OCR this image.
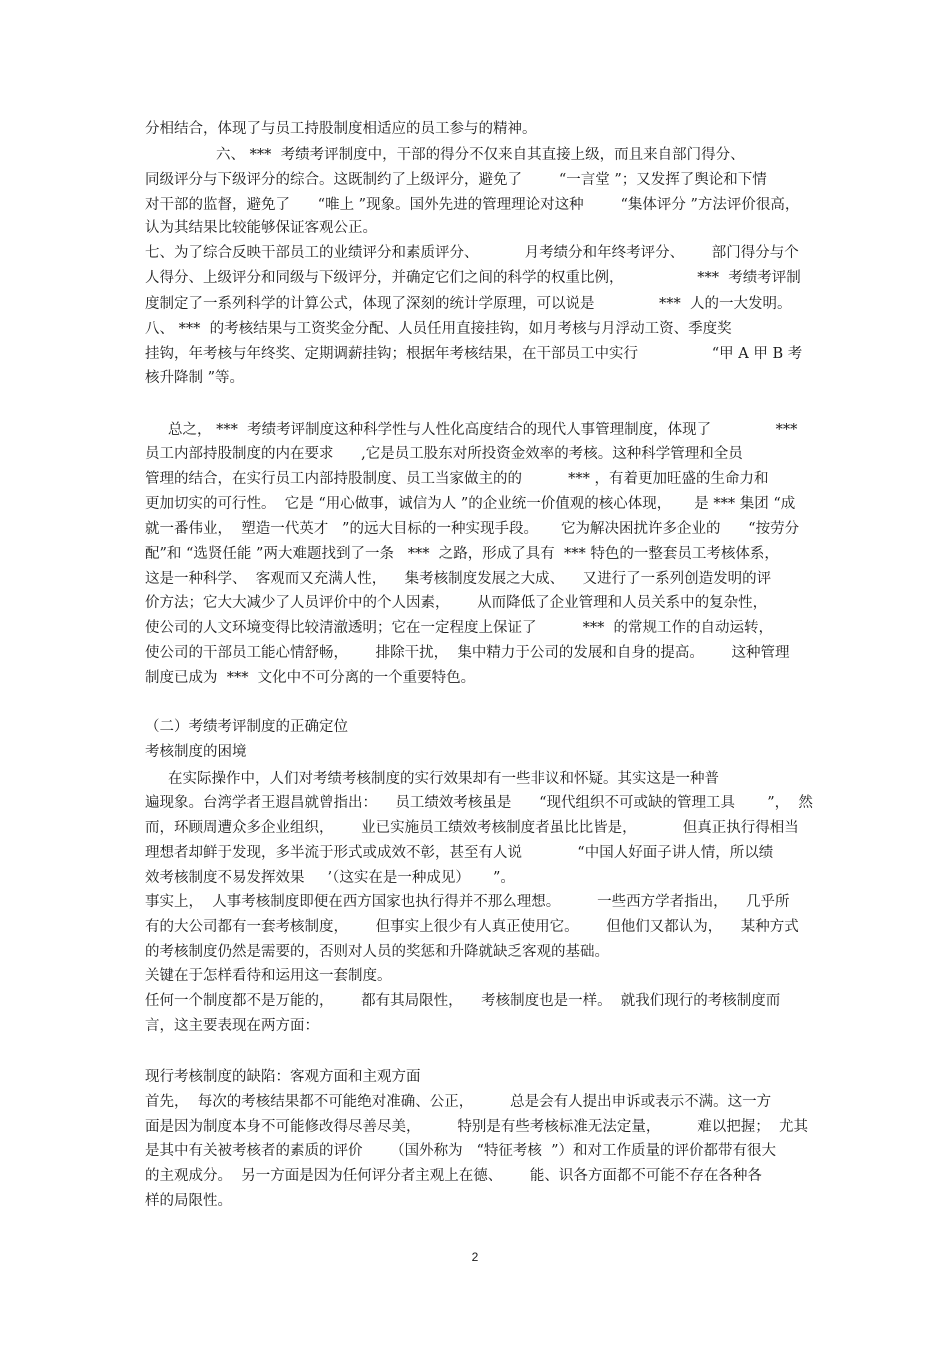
分相结合，体现了与员工持股制度相适应的员工参与的精神。
六、 ***  考绩考评制度中，干部的得分不仅来自其直接上级，而且来自部门得分、
同级评分与下级评分的综合。这既制约了上级评分，避免了        “一言堂 ”；又发挥了舆论和下情
对干部的监督，避免了      “唯上 ”现象。国外先进的管理理论对这种        “集体评分 ”方法评价很高，
认为其结果比较能够保证客观公正。
七、为了综合反映干部员工的业绩评分和素质评分、          月考绩分和年终考评分、      部门得分与个
人得分、上级评分和同级与下级评分，并确定它们之间的科学的权重比例，                ***  考绩考评制
度制定了一系列科学的计算公式，体现了深刻的统计学原理，可以说是              ***  人的一大发明。
八、 ***  的考核结果与工资奖金分配、人员任用直接挂钩，如月考核与月浮动工资、季度奖
挂钩，年考核与年终奖、定期调薪挂钩；根据年考核结果，在干部员工中实行                “甲 A 甲 B 考
核升降制 ”等。
总之， ***  考绩考评制度这种科学性与人性化高度结合的现代人事管理制度，体现了              ***
员工内部持股制度的内在要求      ,它是员工股东对所投资金效率的考核。这种科学管理和全员
管理的结合，在实行员工内部持股制度、员工当家做主的的          *** ，有着更加旺盛的生命力和
更加切实的可行性。  它是 “用心做事，诚信为人 ”的企业统一价值观的核心体现，     是 *** 集团 “成
就一番伟业，  塑造一代英才   ”的远大目标的一种实现手段。     它为解决困扰许多企业的      “按劳分
配”和 “选贤任能 ”两大难题找到了一条   ***  之路，形成了具有  *** 特色的一整套员工考核体系，
这是一种科学、  客观而又充满人性，    集考核制度发展之大成、    又进行了一系列创造发明的评
价方法；它大大减少了人员评价中的个人因素，      从而降低了企业管理和人员关系中的复杂性，
使公司的人文环境变得比较清澈透明；它在一定程度上保证了          ***  的常规工作的自动运转，
使公司的干部员工能心情舒畅，      排除干扰，  集中精力于公司的发展和自身的提高。      这种管理
制度已成为  ***  文化中不可分离的一个重要特色。
（二）考绩考评制度的正确定位
考核制度的困境
在实际操作中，人们对考绩考核制度的实行效果却有一些非议和怀疑。其实这是一种普
遍现象。台湾学者王遐昌就曾指出：    员工绩效考核虽是      “现代组织不可或缺的管理工具       ”，  然
而，环顾周遭众多企业组织，      业已实施员工绩效考核制度者虽比比皆是，          但真正执行得相当
理想者却鲜于发现，多半流于形式或成效不彰，甚至有人说            “中国人好面子讲人情，所以绩
效考核制度不易发挥效果     ’（这实在是一种成见）     ”。
事实上，  人事考核制度即便在西方国家也执行得并不那么理想。        一些西方学者指出，    几乎所
有的大公司都有一套考核制度，      但事实上很少有人真正使用它。      但他们又都认为，    某种方式
的考核制度仍然是需要的，否则对人员的奖惩和升降就缺乏客观的基础。
关键在于怎样看待和运用这一套制度。
任何一个制度都不是万能的，      都有其局限性，    考核制度也是一样。  就我们现行的考核制度而
言，这主要表现在两方面：
现行考核制度的缺陷：客观方面和主观方面
首先，  每次的考核结果都不可能绝对准确、公正，        总是会有人提出申诉或表示不满。这一方
面是因为制度本身不可能修改得尽善尽美，        特别是有些考核标准无法定量，        难以把握；  尤其
是其中有关被考核者的素质的评价      （国外称为   “特征考核  ”）和对工作质量的评价都带有很大
的主观成分。  另一方面是因为任何评分者主观上在德、      能、识各方面都不可能不存在各种各
样的局限性。
2
